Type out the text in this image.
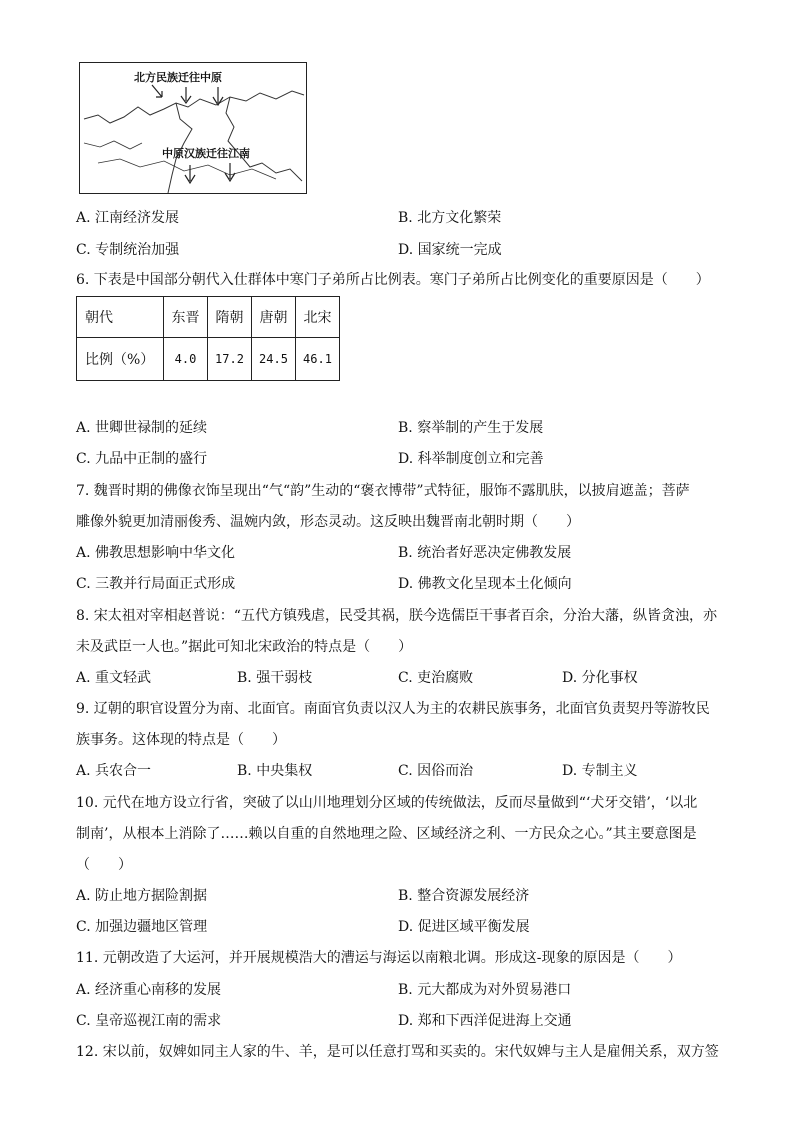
北方民族迁往中原
中原汉族迁往江南
A. 江南经济发展	B. 北方文化繁荣
C. 专制统治加强	D. 国家统一完成
6. 下表是中国部分朝代入仕群体中寒门子弟所占比例表。寒门子弟所占比例变化的重要原因是（　　）
朝代	东晋	隋朝	唐朝	北宋
比例（%）	4.0	17.2	24.5	46.1
A. 世卿世禄制的延续	B. 察举制的产生于发展
C. 九品中正制的盛行	D. 科举制度创立和完善
7. 魏晋时期的佛像衣饰呈现出“气“韵”生动的“褒衣博带”式特征，服饰不露肌肤，以披肩遮盖；菩萨
雕像外貌更加清丽俊秀、温婉内敛，形态灵动。这反映出魏晋南北朝时期（　　）
A. 佛教思想影响中华文化	B. 统治者好恶决定佛教发展
C. 三教并行局面正式形成	D. 佛教文化呈现本土化倾向
8. 宋太祖对宰相赵普说：“五代方镇残虐，民受其祸，朕今选儒臣干事者百余，分治大藩，纵皆贪浊，亦
未及武臣一人也。”据此可知北宋政治的特点是（　　）
A. 重文轻武	B. 强干弱枝	C. 吏治腐败	D. 分化事权
9. 辽朝的职官设置分为南、北面官。南面官负责以汉人为主的农耕民族事务，北面官负责契丹等游牧民
族事务。这体现的特点是（　　）
A. 兵农合一	B. 中央集权	C. 因俗而治	D. 专制主义
10. 元代在地方设立行省，突破了以山川地理划分区域的传统做法，反而尽量做到“‘犬牙交错’，‘以北
制南’，从根本上消除了……赖以自重的自然地理之险、区域经济之利、一方民众之心。”其主要意图是
（　　）
A. 防止地方据险割据	B. 整合资源发展经济
C. 加强边疆地区管理	D. 促进区域平衡发展
11. 元朝改造了大运河，并开展规模浩大的漕运与海运以南粮北调。形成这-现象的原因是（　　）
A. 经济重心南移的发展	B. 元大都成为对外贸易港口
C. 皇帝巡视江南的需求	D. 郑和下西洋促进海上交通
12. 宋以前，奴婢如同主人家的牛、羊，是可以任意打骂和买卖的。宋代奴婢与主人是雇佣关系，双方签
